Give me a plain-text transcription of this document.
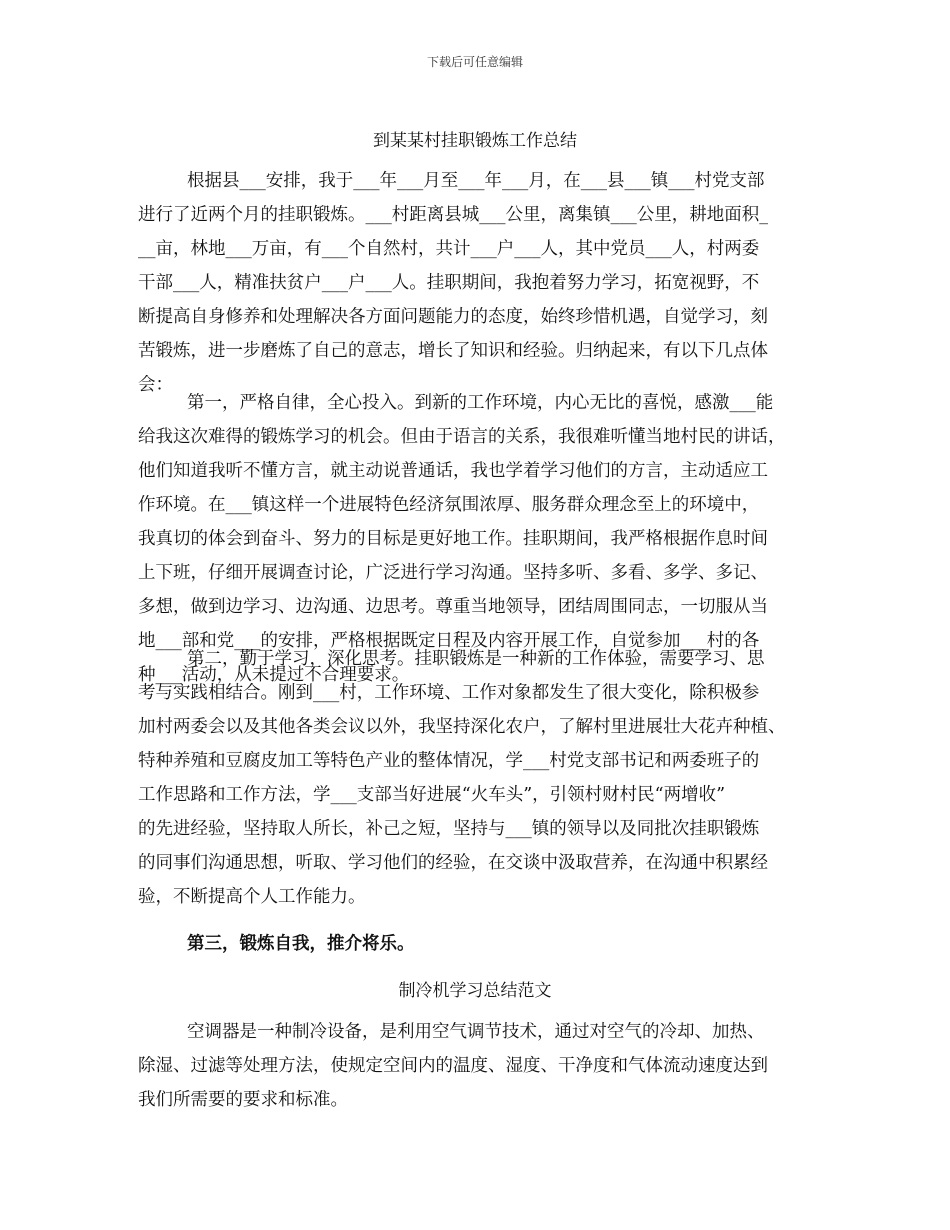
下载后可任意编辑
到某某村挂职锻炼工作总结
根据县___安排，我于___年___月至___年___月，在___县___镇___村党支部
进行了近两个月的挂职锻炼。___村距离县城___公里，离集镇___公里，耕地面积_
__亩，林地___万亩，有___个自然村，共计___户___人，其中党员___人，村两委
干部___人，精准扶贫户___户___人。挂职期间，我抱着努力学习，拓宽视野，不
断提高自身修养和处理解决各方面问题能力的态度，始终珍惜机遇，自觉学习，刻
苦锻炼，进一步磨炼了自己的意志，增长了知识和经验。归纳起来，有以下几点体
会：
第一，严格自律，全心投入。到新的工作环境，内心无比的喜悦，感激___能
给我这次难得的锻炼学习的机会。但由于语言的关系，我很难听懂当地村民的讲话，
他们知道我听不懂方言，就主动说普通话，我也学着学习他们的方言，主动适应工
作环境。在___镇这样一个进展特色经济氛围浓厚、服务群众理念至上的环境中，
我真切的体会到奋斗、努力的目标是更好地工作。挂职期间，我严格根据作息时间
上下班，仔细开展调查讨论，广泛进行学习沟通。坚持多听、多看、多学、多记、
多想，做到边学习、边沟通、边思考。尊重当地领导，团结周围同志，一切服从当
地___部和党___的安排，严格根据既定日程及内容开展工作，自觉参加___村的各
种___活动，从未提过不合理要求。
第二，勤于学习，深化思考。挂职锻炼是一种新的工作体验，需要学习、思
考与实践相结合。刚到___村，工作环境、工作对象都发生了很大变化，除积极参
加村两委会以及其他各类会议以外，我坚持深化农户，了解村里进展壮大花卉种植、
特种养殖和豆腐皮加工等特色产业的整体情况，学___村党支部书记和两委班子的
工作思路和工作方法，学___支部当好进展“火车头”，引领村财村民“两增收”
的先进经验，坚持取人所长，补己之短，坚持与___镇的领导以及同批次挂职锻炼
的同事们沟通思想，听取、学习他们的经验，在交谈中汲取营养，在沟通中积累经
验，不断提高个人工作能力。
第三，锻炼自我，推介将乐。
制冷机学习总结范文
空调器是一种制冷设备，是利用空气调节技术，通过对空气的冷却、加热、
除湿、过滤等处理方法，使规定空间内的温度、湿度、干净度和气体流动速度达到
我们所需要的要求和标准。
